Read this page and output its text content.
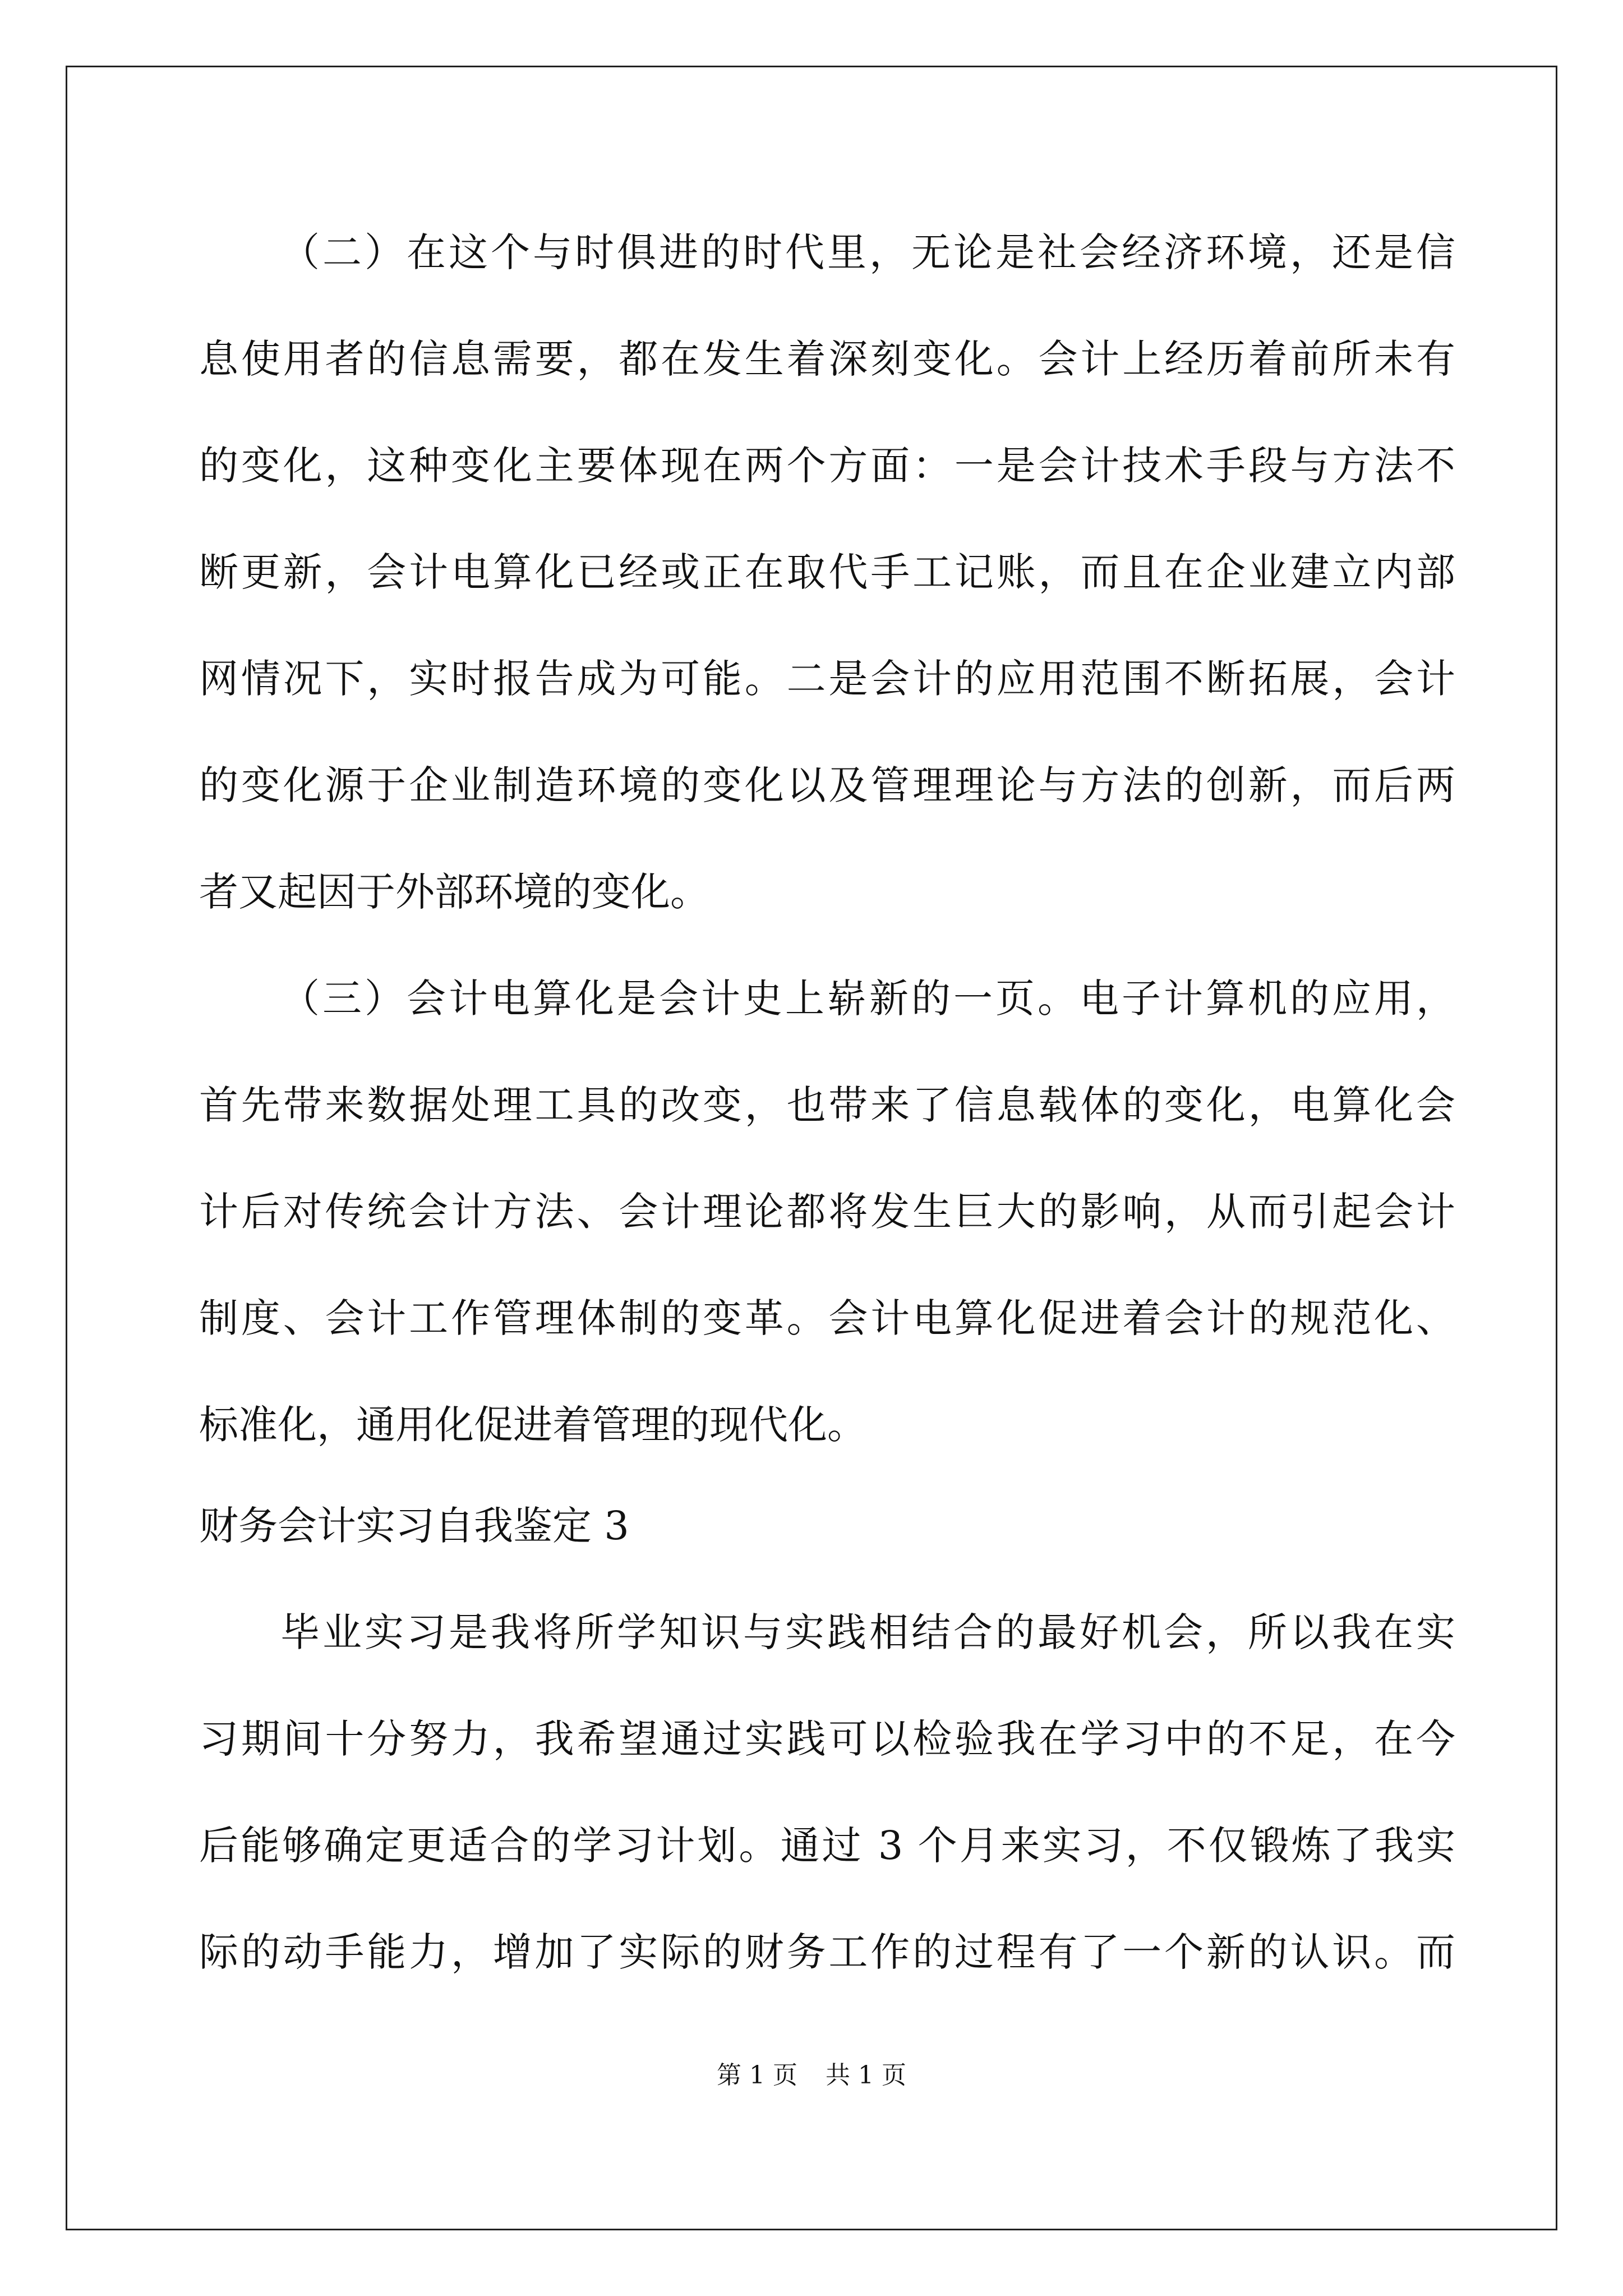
（二）在这个与时俱进的时代里，无论是社会经济环境，还是信
息使用者的信息需要，都在发生着深刻变化。会计上经历着前所未有
的变化，这种变化主要体现在两个方面：一是会计技术手段与方法不
断更新，会计电算化已经或正在取代手工记账，而且在企业建立内部
网情况下，实时报告成为可能。二是会计的应用范围不断拓展，会计
的变化源于企业制造环境的变化以及管理理论与方法的创新，而后两
者又起因于外部环境的变化。
（三）会计电算化是会计史上崭新的一页。电子计算机的应用，
首先带来数据处理工具的改变，也带来了信息载体的变化，电算化会
计后对传统会计方法、会计理论都将发生巨大的影响，从而引起会计
制度、会计工作管理体制的变革。会计电算化促进着会计的规范化、
标准化，通用化促进着管理的现代化。
财务会计实习自我鉴定 3
毕业实习是我将所学知识与实践相结合的最好机会，所以我在实
习期间十分努力，我希望通过实践可以检验我在学习中的不足，在今
后能够确定更适合的学习计划。通过 3 个月来实习，不仅锻炼了我实
际的动手能力，增加了实际的财务工作的过程有了一个新的认识。而
第 1 页 共 1 页
